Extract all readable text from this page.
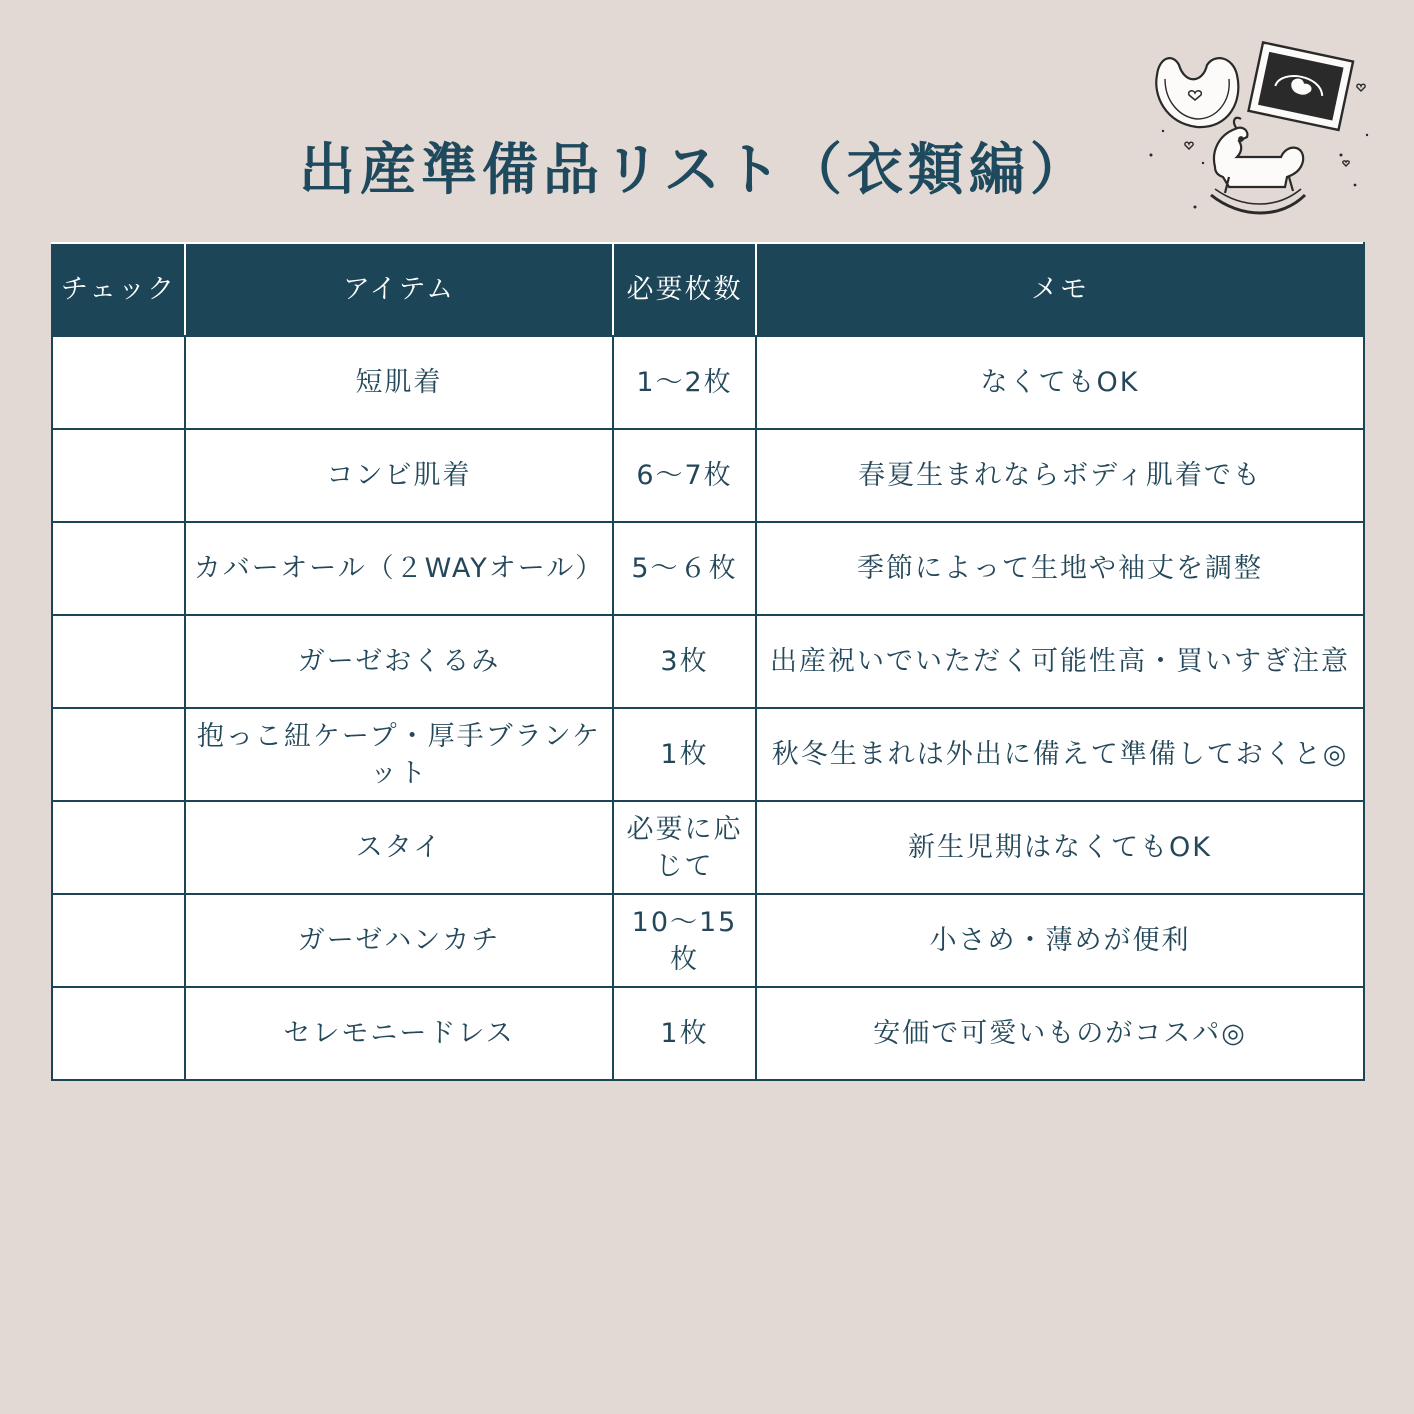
出産準備品リスト（衣類編）
チェック	アイテム	必要枚数	メモ
	短肌着	1〜2枚	なくてもOK
	コンビ肌着	6〜7枚	春夏生まれならボディ肌着でも
	カバーオール（２WAYオール）	5〜６枚	季節によって生地や袖丈を調整
	ガーゼおくるみ	3枚	出産祝いでいただく可能性高・買いすぎ注意
	抱っこ紐ケープ・厚手ブランケット	1枚	秋冬生まれは外出に備えて準備しておくと◎
	スタイ	必要に応じて	新生児期はなくてもOK
	ガーゼハンカチ	10〜15枚	小さめ・薄めが便利
	セレモニードレス	1枚	安価で可愛いものがコスパ◎
